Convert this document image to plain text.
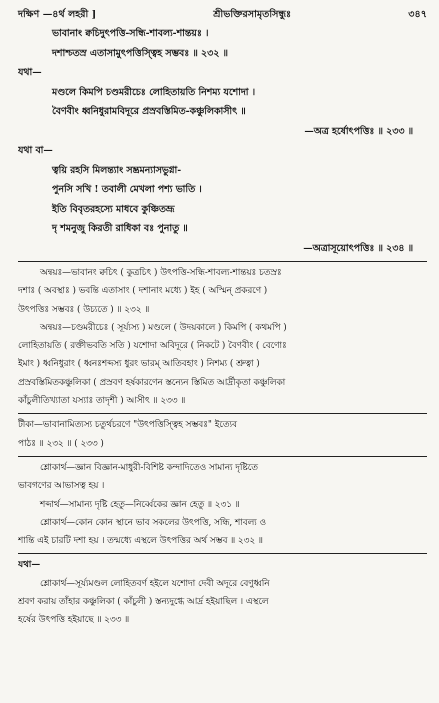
দক্ষিণ —৪র্থ লহরী ]	শ্রীভক্তিরসামৃতসিন্ধুঃ	৩৪৭
ভাবানাং ক্বচিদুৎপত্তি-সন্ধি-শাবল্য-শান্তয়ঃ ।
দশাশ্চতস্র এতাসামুৎপত্তিস্ত্বিহ সম্ভবঃ ॥ ২৩২ ॥
যথা—
মণ্ডলে কিমপি চণ্ডমরীচেঃ লোহিতায়তি নিশম্য যশোদা ।
বৈণবীং ধ্বনিধুরামবিদূরে প্রস্রবস্তিমিত-কঞ্চুলিকাসীৎ ॥
—অত্র হর্ষোৎপত্তিঃ ॥ ২৩৩ ॥
যথা বা—
ত্বয়ি রহসি মিলন্ত্যাং সম্ভ্রমন্যাসভুগ্না-
পুনসি সখি ! তবালী মেখলা পশ্য ভাতি ।
ইতি বিবৃতরহস্যে মাধবে কুঞ্চিতভ্রূ
দৃ শমনুজু কিরতী রাধিকা বঃ পুনাতু ॥
—অত্রাসূয়োৎপত্তিঃ ॥ ২৩৪ ॥
অন্বয়ঃ—ভাবানং ক্বচিৎ ( কুত্রচিৎ ) উৎপত্তি-সন্ধি-শাবল্য-শান্তয়ঃ চতস্রঃ
দশাঃ ( অবস্থাঃ ) ভবন্তি এতাসাং ( দশানাং মধ্যে ) ইহ ( অস্মিন্ প্রকরণে )
উৎপত্তিঃ সম্ভবঃ ( উচ্যতে ) ॥ ২৩২ ॥
অন্বয়ঃ—চণ্ডমরীচেঃ ( সূর্য্যস্য ) মণ্ডলে ( উদয়কালে ) কিমপি ( কথমপি )
লোহিতায়তি ( রক্তীভবতি সতি ) যশোদা অবিদূরে ( নিকটে ) বৈণবীং ( বেণোঃ
ইমাং ) ধ্বনিধুরাং ( ধ্বনঃশব্দস্য ধুরং ভারম্ আতিবহাং ) নিশম্য ( শ্রুত্বা )
প্রস্রবস্তিমিতকঞ্চুলিকা ( প্রস্রবণ হর্ষকারণেন স্তন্যেন স্তিমিত আর্দ্রীকৃতা কঞ্চুলিকা
কাঁচুলীতিখ্যাতা যস্যাঃ তাদৃশী ) আসীৎ ॥ ২৩৩ ॥
টীকা—ভাবানামিত্যস্য চতুর্থচরণে "উৎপত্তিস্ত্বিহ সম্ভবঃ" ইত্যেব
পাঠঃ ॥ ২৩২ ॥ ( ২৩৩ )
শ্লোকার্থ—জ্ঞান বিজ্ঞান-মাধুরী-বিশিষ্ট কন্দাদিতেও সামান্য দৃষ্টিতে
ভাবগণের আভাসত্ব হয় ।
শব্দার্থ—সামান্য দৃষ্টি হেতু—নির্ব্বেকের জ্ঞান হেতু ॥ ২৩১ ॥
শ্লোকার্থ—কোন কোন স্থানে ভাব সকলের উৎপত্তি, সন্ধি, শাবল্য ও
শান্তি এই চারটি দশা হয় । তন্মধ্যে এস্থলে উৎপত্তির অর্থ সম্ভব ॥ ২৩২ ॥
যথা—
শ্লোকার্থ—সূর্য্যমণ্ডল লোহিতবর্ণ হইলে যশোদা দেবী অদূরে বেণুধ্বনি
শ্রবণ করায় তাঁহার কঞ্চুলিকা ( কাঁচুলী ) স্তন্যদুগ্ধে আর্দ্র হইয়াছিল । এস্থলে
হর্ষের উৎপত্তি হইয়াছে ॥ ২৩৩ ॥
